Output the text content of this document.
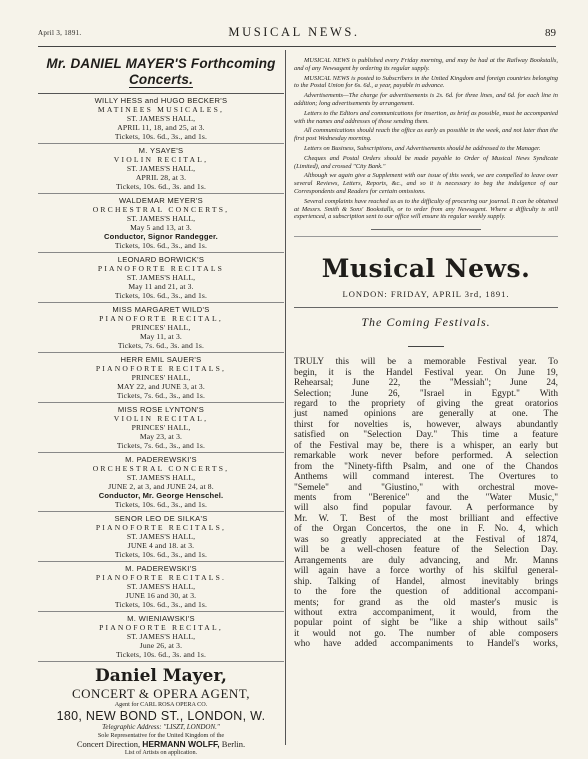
April 3, 1891.	MUSICAL NEWS.	89
Mr. DANIEL MAYER'S Forthcoming
Concerts.
WILLY HESS and HUGO BECKER'S
MATINEES MUSICALES,
ST. JAMES'S HALL,
APRIL 11, 18, and 25, at 3.
Tickets, 10s. 6d., 3s., and 1s.
M. YSAYE'S
VIOLIN RECITAL,
ST. JAMES'S HALL,
APRIL 28, at 3.
Tickets, 10s. 6d., 3s. and 1s.
WALDEMAR MEYER'S
ORCHESTRAL CONCERTS,
ST. JAMES'S HALL,
May 5 and 13, at 3.
Conductor, Signor Randegger.
Tickets, 10s. 6d., 3s., and 1s.
LEONARD BORWICK'S
PIANOFORTE RECITALS
ST. JAMES'S HALL,
May 11 and 21, at 3.
Tickets, 10s. 6d., 3s., and 1s.
MISS MARGARET WILD'S
PIANOFORTE RECITAL,
PRINCES' HALL,
May 11, at 3.
Tickets, 7s. 6d., 3s. and 1s.
HERR EMIL SAUER'S
PIANOFORTE RECITALS,
PRINCES' HALL,
MAY 22, and JUNE 3, at 3.
Tickets, 7s. 6d., 3s., and 1s.
MISS ROSE LYNTON'S
VIOLIN RECITAL,
PRINCES' HALL,
May 23, at 3.
Tickets, 7s. 6d., 3s., and 1s.
M. PADEREWSKI'S
ORCHESTRAL CONCERTS,
ST. JAMES'S HALL,
JUNE 2, at 3, and JUNE 24, at 8.
Conductor, Mr. George Henschel.
Tickets, 10s. 6d., 3s., and 1s.
SENOR LEO DE SILKA'S
PIANOFORTE RECITALS,
ST. JAMES'S HALL,
JUNE 4 and 18. at 3.
Tickets, 10s. 6d., 3s., and 1s.
M. PADEREWSKI'S
PIANOFORTE RECITALS.
ST. JAMES'S HALL,
JUNE 16 and 30, at 3.
Tickets, 10s. 6d., 3s., and 1s.
M. WIENIAWSKI'S
PIANOFORTE RECITAL,
ST. JAMES'S HALL,
June 26, at 3.
Tickets, 10s. 6d., 3s. and 1s.
Daniel Mayer,
CONCERT & OPERA AGENT,
Agent for CARL ROSA OPERA CO.
180, NEW BOND ST., LONDON, W.
Telegraphic Address: "LISZT, LONDON."
Sole Representative for the United Kingdom of the
Concert Direction, HERMANN WOLFF, Berlin.
List of Artists on application.

MUSICAL NEWS is published every Friday morning, and may be had at the Railway Bookstalls, and of any Newsagent by ordering its regular supply.

MUSICAL NEWS is posted to Subscribers in the United Kingdom and foreign countries belonging to the Postal Union for 6s. 6d., a year, payable in advance.

Advertisements—The charge for advertisements is 2s. 6d. for three lines, and 6d. for each line in addition; long advertisements by arrangement.

Letters to the Editors and communications for insertion, as brief as possible, must be accompanied with the names and addresses of those sending them.

All communications should reach the office as early as possible in the week, and not later than the first post Wednesday morning.

Letters on Business, Subscriptions, and Advertisements should be addressed to the Manager.

Cheques and Postal Orders should be made payable to Order of Musical News Syndicate (Limited), and crossed "City Bank."

Although we again give a Supplement with our issue of this week, we are compelled to leave over several Reviews, Letters, Reports, &c., and so it is necessary to beg the indulgence of our Correspondents and Readers for certain omissions.

Several complaints have reached us as to the difficulty of procuring our journal. It can be obtained at Messrs. Smith & Sons' Bookstalls, or to order from any Newsagent. Where a difficulty is still experienced, a subscription sent to our office will ensure its regular weekly supply.

Musical News.
LONDON: FRIDAY, APRIL 3rd, 1891.
The Coming Festivals.
TRULY this will be a memorable Festival year. To
begin, it is the Handel Festival year. On June 19,
Rehearsal; June 22, the "Messiah"; June 24,
Selection; June 26, "Israel in Egypt." With
regard to the propriety of giving the great oratorios
just named opinions are generally at one. The
thirst for novelties is, however, always abundantly
satisfied on "Selection Day." This time a feature
of the Festival may be, there is a whisper, an early but
remarkable work never before performed. A selection
from the "Ninety-fifth Psalm, and one of the Chandos
Anthems will command interest. The Overtures to
"Semele" and "Giustino," with orchestral move-
ments from "Berenice" and the "Water Music,"
will also find popular favour. A performance by
Mr. W. T. Best of the most brilliant and effective
of the Organ Concertos, the one in F. No. 4, which
was so greatly appreciated at the Festival of 1874,
will be a well-chosen feature of the Selection Day.
Arrangements are duly advancing, and Mr. Manns
will again have a force worthy of his skilful general-
ship. Talking of Handel, almost inevitably brings
to the fore the question of additional accompani-
ments; for grand as the old master's music is
without extra accompaniment, it would, from the
popular point of sight be "like a ship without sails"
it would not go. The number of able composers
who have added accompaniments to Handel's works,
